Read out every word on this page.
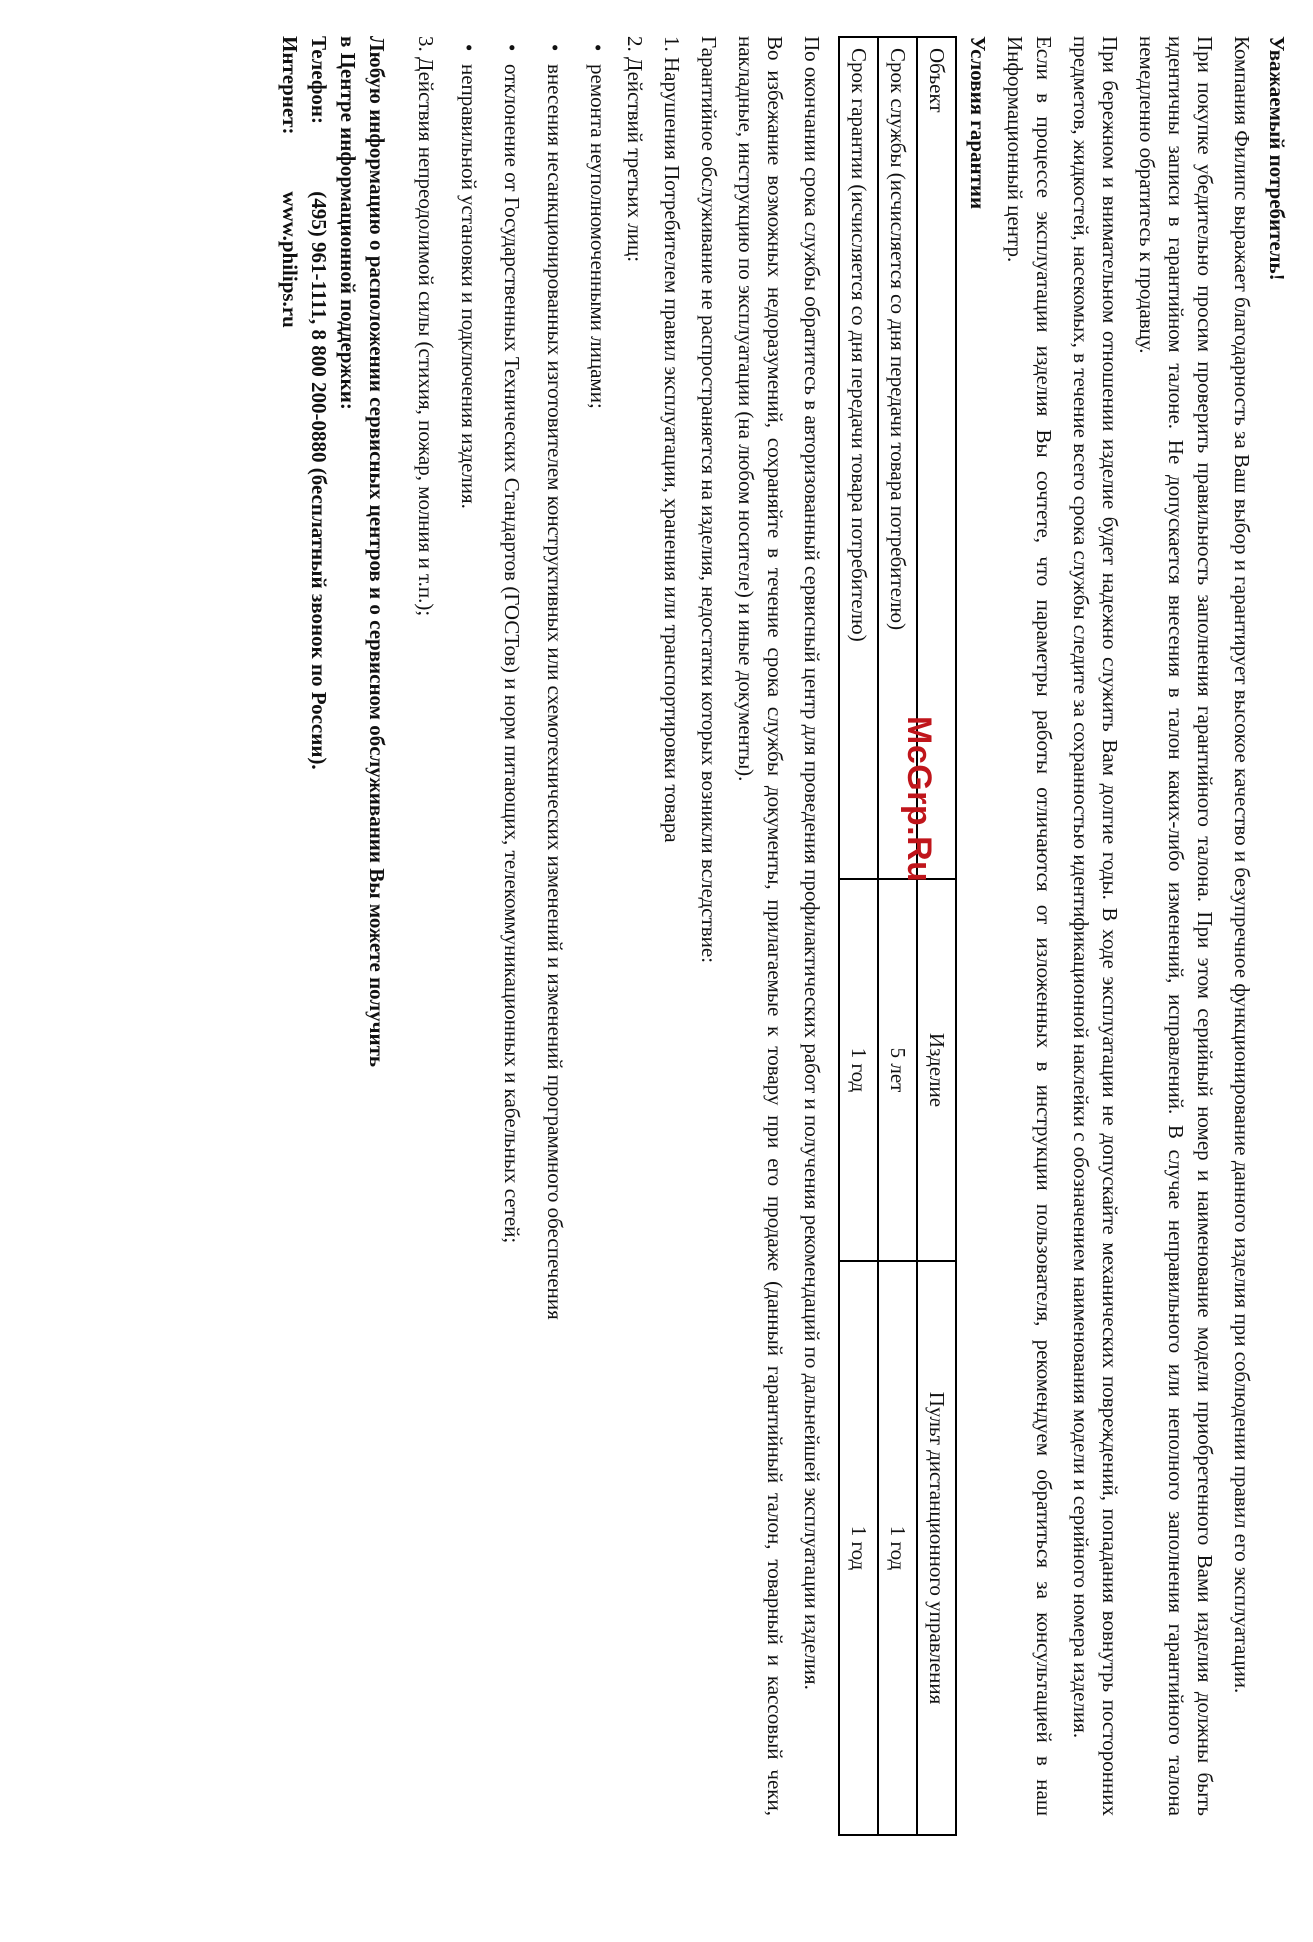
Уважаемый потребитель!

Компания Филипс выражает благодарность за Ваш выбор и гарантирует высокое качество и безупречное функционирование данного изделия при соблюдении правил его эксплуатации.

При покупке убедительно просим проверить правильность заполнения гарантийного талона. При этом серийный номер и наименование модели приобретенного Вами изделия должны быть идентичны записи в гарантийном талоне. Не допускается внесения в талон каких-либо изменений, исправлений. В случае неправильного или неполного заполнения гарантийного талона немедленно обратитесь к продавцу.

При бережном и внимательном отношении изделие будет надежно служить Вам долгие годы. В ходе эксплуатации не допускайте механических повреждений, попадания вовнутрь посторонних предметов, жидкостей, насекомых, в течение всего срока службы следите за сохранностью идентификационной наклейки с обозначением наименования модели и серийного номера изделия.

Если в процессе эксплуатации изделия Вы сочтете, что параметры работы отличаются от изложенных в инструкции пользователя, рекомендуем обратиться за консультацией в наш Информационный центр.

Условия гарантии
Объект	Изделие	Пульт дистанционного управления
Срок службы (исчисляется со дня передачи товара потребителю)	5 лет	1 год
Срок гарантии (исчисляется со дня передачи товара потребителю)	1 год	1 год

По окончании срока службы обратитесь в авторизованный сервисный центр для проведения профилактических работ и получения рекомендаций по дальнейшей эксплуатации изделия.

Во избежание возможных недоразумений, сохраняйте в течение срока службы документы, прилагаемые к товару при его продаже (данный гарантийный талон, товарный и кассовый чеки, накладные, инструкцию по эксплуатации (на любом носителе) и иные документы).

Гарантийное обслуживание не распространяется на изделия, недостатки которых возникли вследствие:

1. Нарушения Потребителем правил эксплуатации, хранения или транспортировки товара

2. Действий третьих лиц:

•
ремонта неуполномоченными лицами;
•
внесения несанкционированных изготовителем конструктивных или схемотехнических изменений и изменений программного обеспечения
•
отклонение от Государственных Технических Стандартов (ГОСТов) и норм питающих, телекоммуникационных и кабельных сетей;
•
неправильной установки и подключения изделия.

3. Действия непреодолимой силы (стихия, пожар, молния и т.п.);

Любую информацию о расположении сервисных центров и о сервисном обслуживании Вы можете получить
в Центре информационной поддержки:
Телефон: (495) 961-1111, 8 800 200-0880 (бесплатный звонок по России).
Интернет: www.philips.ru
McGrp.Ru
